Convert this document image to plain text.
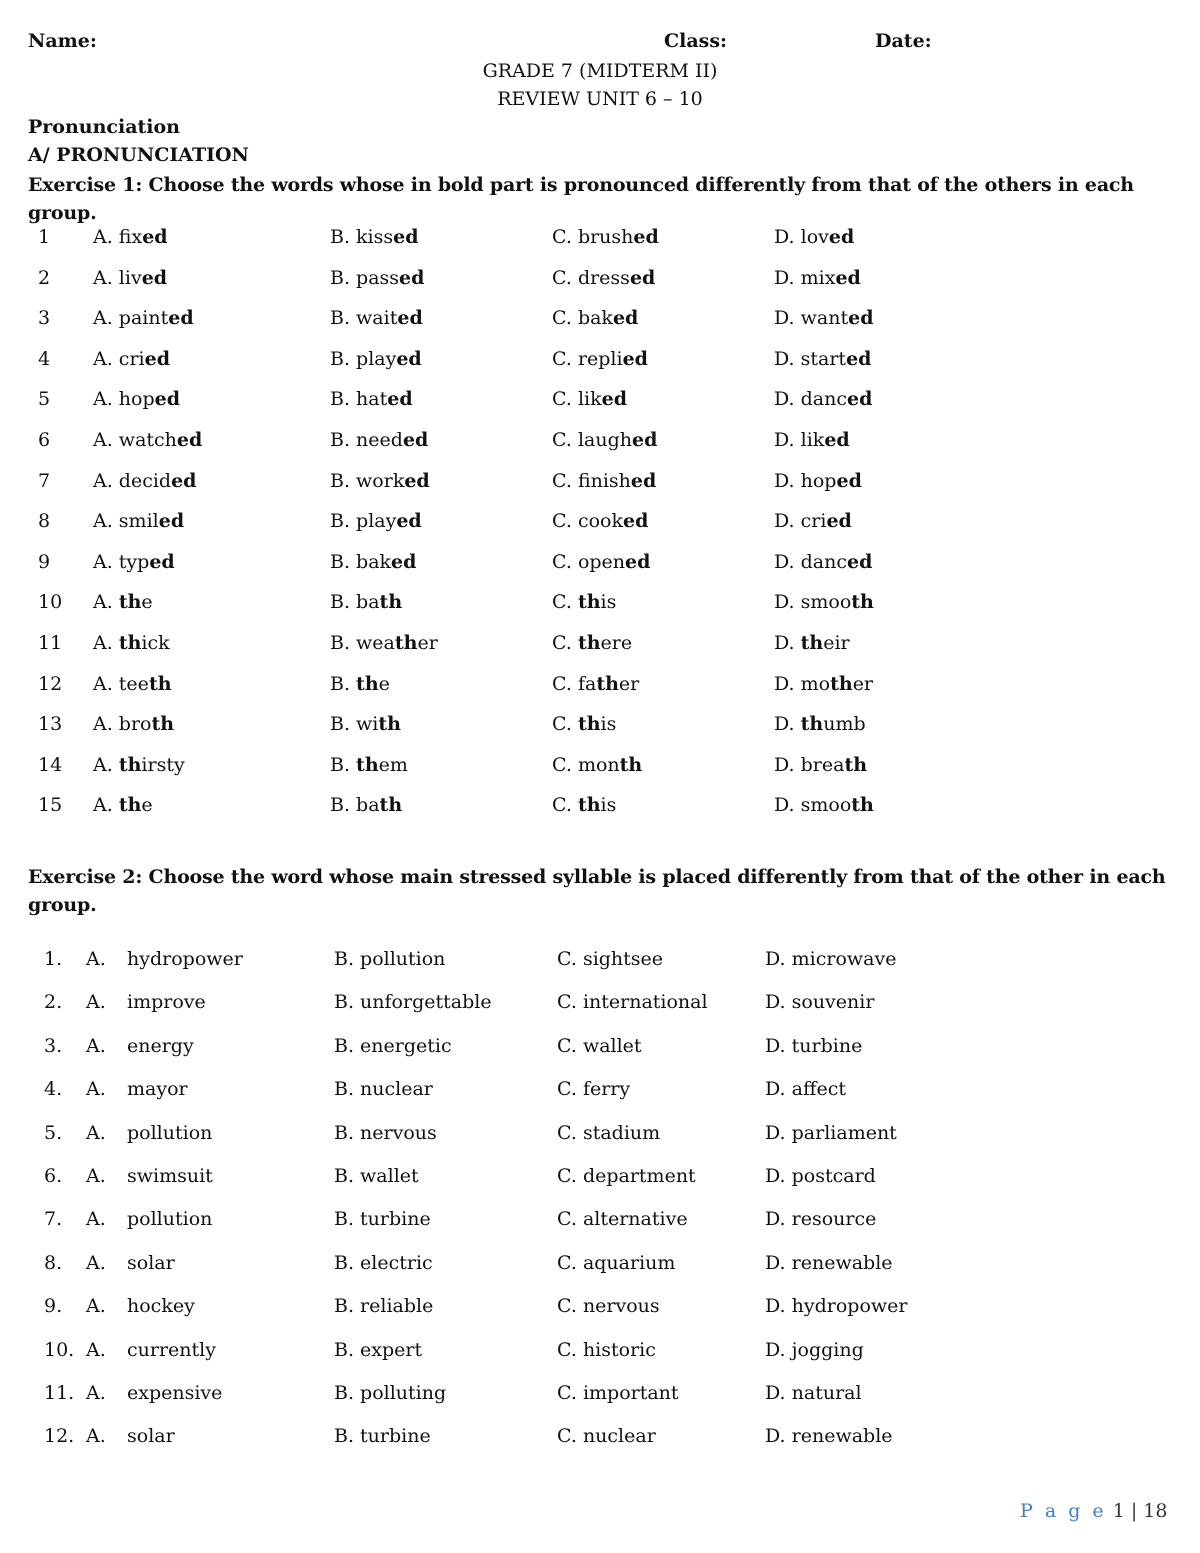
Name:	Class:	Date:
GRADE 7 (MIDTERM II)
REVIEW UNIT 6 – 10
Pronunciation
A/ PRONUNCIATION
Exercise 1: Choose the words whose in bold part is pronounced differently from that of the others in each group.
1 A. fixed	B. kissed	C. brushed	D. loved
2 A. lived	B. passed	C. dressed	D. mixed
3 A. painted	B. waited	C. baked	D. wanted
4 A. cried	B. played	C. replied	D. started
5 A. hoped	B. hated	C. liked	D. danced
6 A. watched	B. needed	C. laughed	D. liked
7 A. decided	B. worked	C. finished	D. hoped
8 A. smiled	B. played	C. cooked	D. cried
9 A. typed	B. baked	C. opened	D. danced
10 A. the	B. bath	C. this	D. smooth
11 A. thick	B. weather	C. there	D. their
12 A. teeth	B. the	C. father	D. mother
13 A. broth	B. with	C. this	D. thumb
14 A. thirsty	B. them	C. month	D. breath
15 A. the	B. bath	C. this	D. smooth
Exercise 2: Choose the word whose main stressed syllable is placed differently from that of the other in each group.
1. A. hydropower	B. pollution	C. sightsee	D. microwave
2. A. improve	B. unforgettable	C. international	D. souvenir
3. A. energy	B. energetic	C. wallet	D. turbine
4. A. mayor	B. nuclear	C. ferry	D. affect
5. A. pollution	B. nervous	C. stadium	D. parliament
6. A. swimsuit	B. wallet	C. department	D. postcard
7. A. pollution	B. turbine	C. alternative	D. resource
8. A. solar	B. electric	C. aquarium	D. renewable
9. A. hockey	B. reliable	C. nervous	D. hydropower
10. A. currently	B. expert	C. historic	D. jogging
11. A. expensive	B. polluting	C. important	D. natural
12. A. solar	B. turbine	C. nuclear	D. renewable
P a g e 1 | 18
